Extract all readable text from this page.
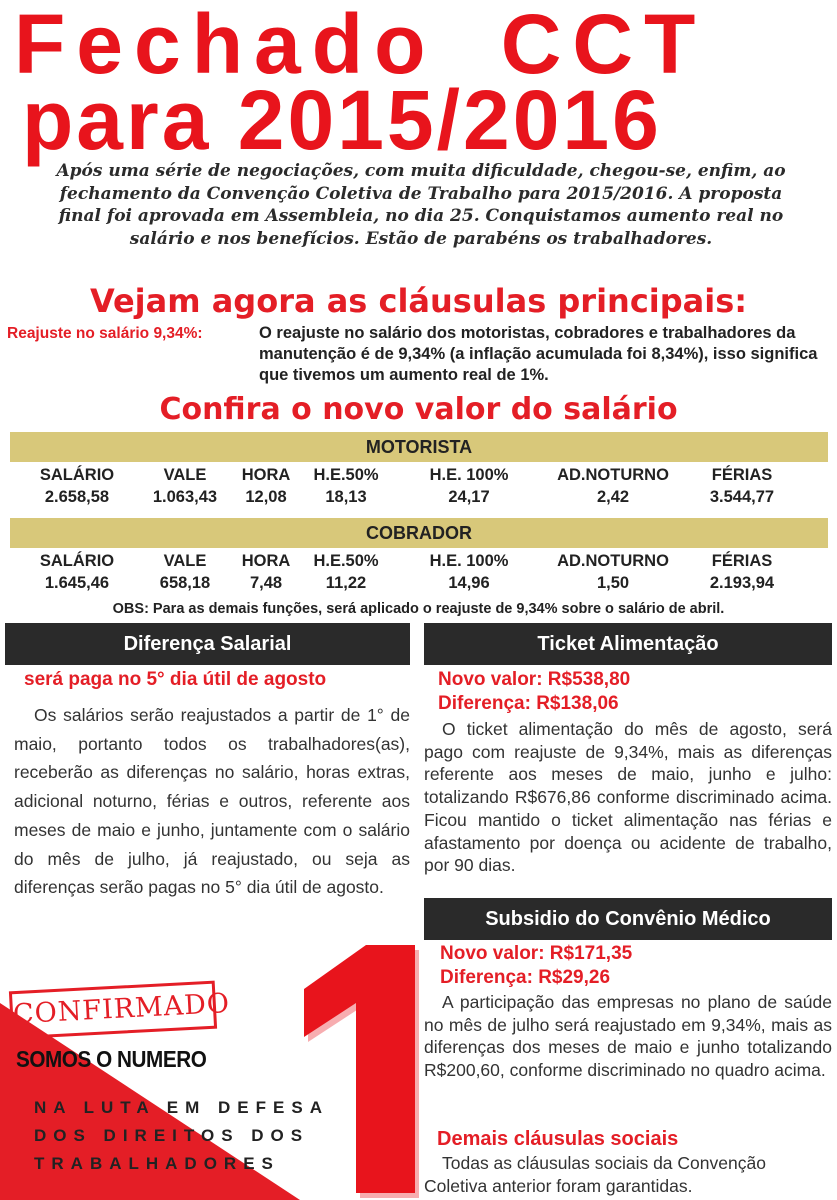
Fechado CCT
para 2015/2016
Após uma série de negociações, com muita dificuldade, chegou-se, enfim, ao fechamento da Convenção Coletiva de Trabalho para 2015/2016. A proposta final foi aprovada em Assembleia, no dia 25. Conquistamos aumento real no salário e nos benefícios. Estão de parabéns os trabalhadores.
Vejam agora as cláusulas principais:
Reajuste no salário 9,34%:	O reajuste no salário dos motoristas, cobradores e trabalhadores da manutenção é de 9,34% (a inflação acumulada foi 8,34%), isso significa que tivemos um aumento real de 1%.
Confira o novo valor do salário
MOTORISTA
SALÁRIO	VALE	HORA	H.E.50%	H.E. 100%	AD.NOTURNO	FÉRIAS
2.658,58	1.063,43	12,08	18,13	24,17	2,42	3.544,77
COBRADOR
SALÁRIO	VALE	HORA	H.E.50%	H.E. 100%	AD.NOTURNO	FÉRIAS
1.645,46	658,18	7,48	11,22	14,96	1,50	2.193,94
OBS: Para as demais funções, será aplicado o reajuste de 9,34% sobre o salário de abril.
Diferença Salarial
será paga no 5° dia útil de agosto
Os salários serão reajustados a partir de 1° de maio, portanto todos os trabalhadores(as), receberão as diferenças no salário, horas extras, adicional noturno, férias e outros, referente aos meses de maio e junho, juntamente com o salário do mês de julho, já reajustado, ou seja as diferenças serão pagas no 5° dia útil de agosto.
Ticket Alimentação
Novo valor: R$538,80
Diferença: R$138,06
O ticket alimentação do mês de agosto, será pago com reajuste de 9,34%, mais as diferenças referente aos meses de maio, junho e julho: totalizando R$676,86 conforme discriminado acima. Ficou mantido o ticket alimentação nas férias e afastamento por doença ou acidente de trabalho, por 90 dias.
Subsidio do Convênio Médico
Novo valor: R$171,35
Diferença: R$29,26
A participação das empresas no plano de saúde no mês de julho será reajustado em 9,34%, mais as diferenças dos meses de maio e junho totalizando R$200,60, conforme discriminado no quadro acima.
Demais cláusulas sociais
Todas as cláusulas sociais da Convenção Coletiva anterior foram garantidas.
CONFIRMADO
SOMOS O NUMERO
NA LUTA EM DEFESA
DOS DIREITOS DOS
TRABALHADORES
